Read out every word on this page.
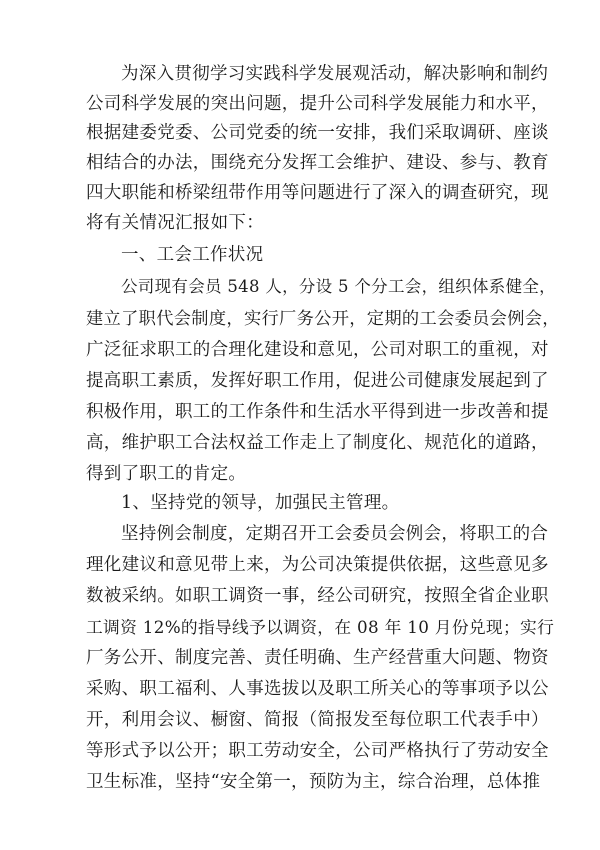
为深入贯彻学习实践科学发展观活动，解决影响和制约
公司科学发展的突出问题，提升公司科学发展能力和水平，
根据建委党委、公司党委的统一安排，我们采取调研、座谈
相结合的办法，围绕充分发挥工会维护、建设、参与、教育
四大职能和桥梁纽带作用等问题进行了深入的调查研究，现
将有关情况汇报如下：
一、工会工作状况
公司现有会员 548 人，分设 5 个分工会，组织体系健全，
建立了职代会制度，实行厂务公开，定期的工会委员会例会，
广泛征求职工的合理化建设和意见，公司对职工的重视，对
提高职工素质，发挥好职工作用，促进公司健康发展起到了
积极作用，职工的工作条件和生活水平得到进一步改善和提
高，维护职工合法权益工作走上了制度化、规范化的道路，
得到了职工的肯定。
1、坚持党的领导，加强民主管理。
坚持例会制度，定期召开工会委员会例会，将职工的合
理化建议和意见带上来，为公司决策提供依据，这些意见多
数被采纳。如职工调资一事，经公司研究，按照全省企业职
工调资 12%的指导线予以调资，在 08 年 10 月份兑现；实行
厂务公开、制度完善、责任明确、生产经营重大问题、物资
采购、职工福利、人事选拔以及职工所关心的等事项予以公
开，利用会议、橱窗、简报（简报发至每位职工代表手中）
等形式予以公开；职工劳动安全，公司严格执行了劳动安全
卫生标准，坚持“安全第一，预防为主，综合治理，总体推
